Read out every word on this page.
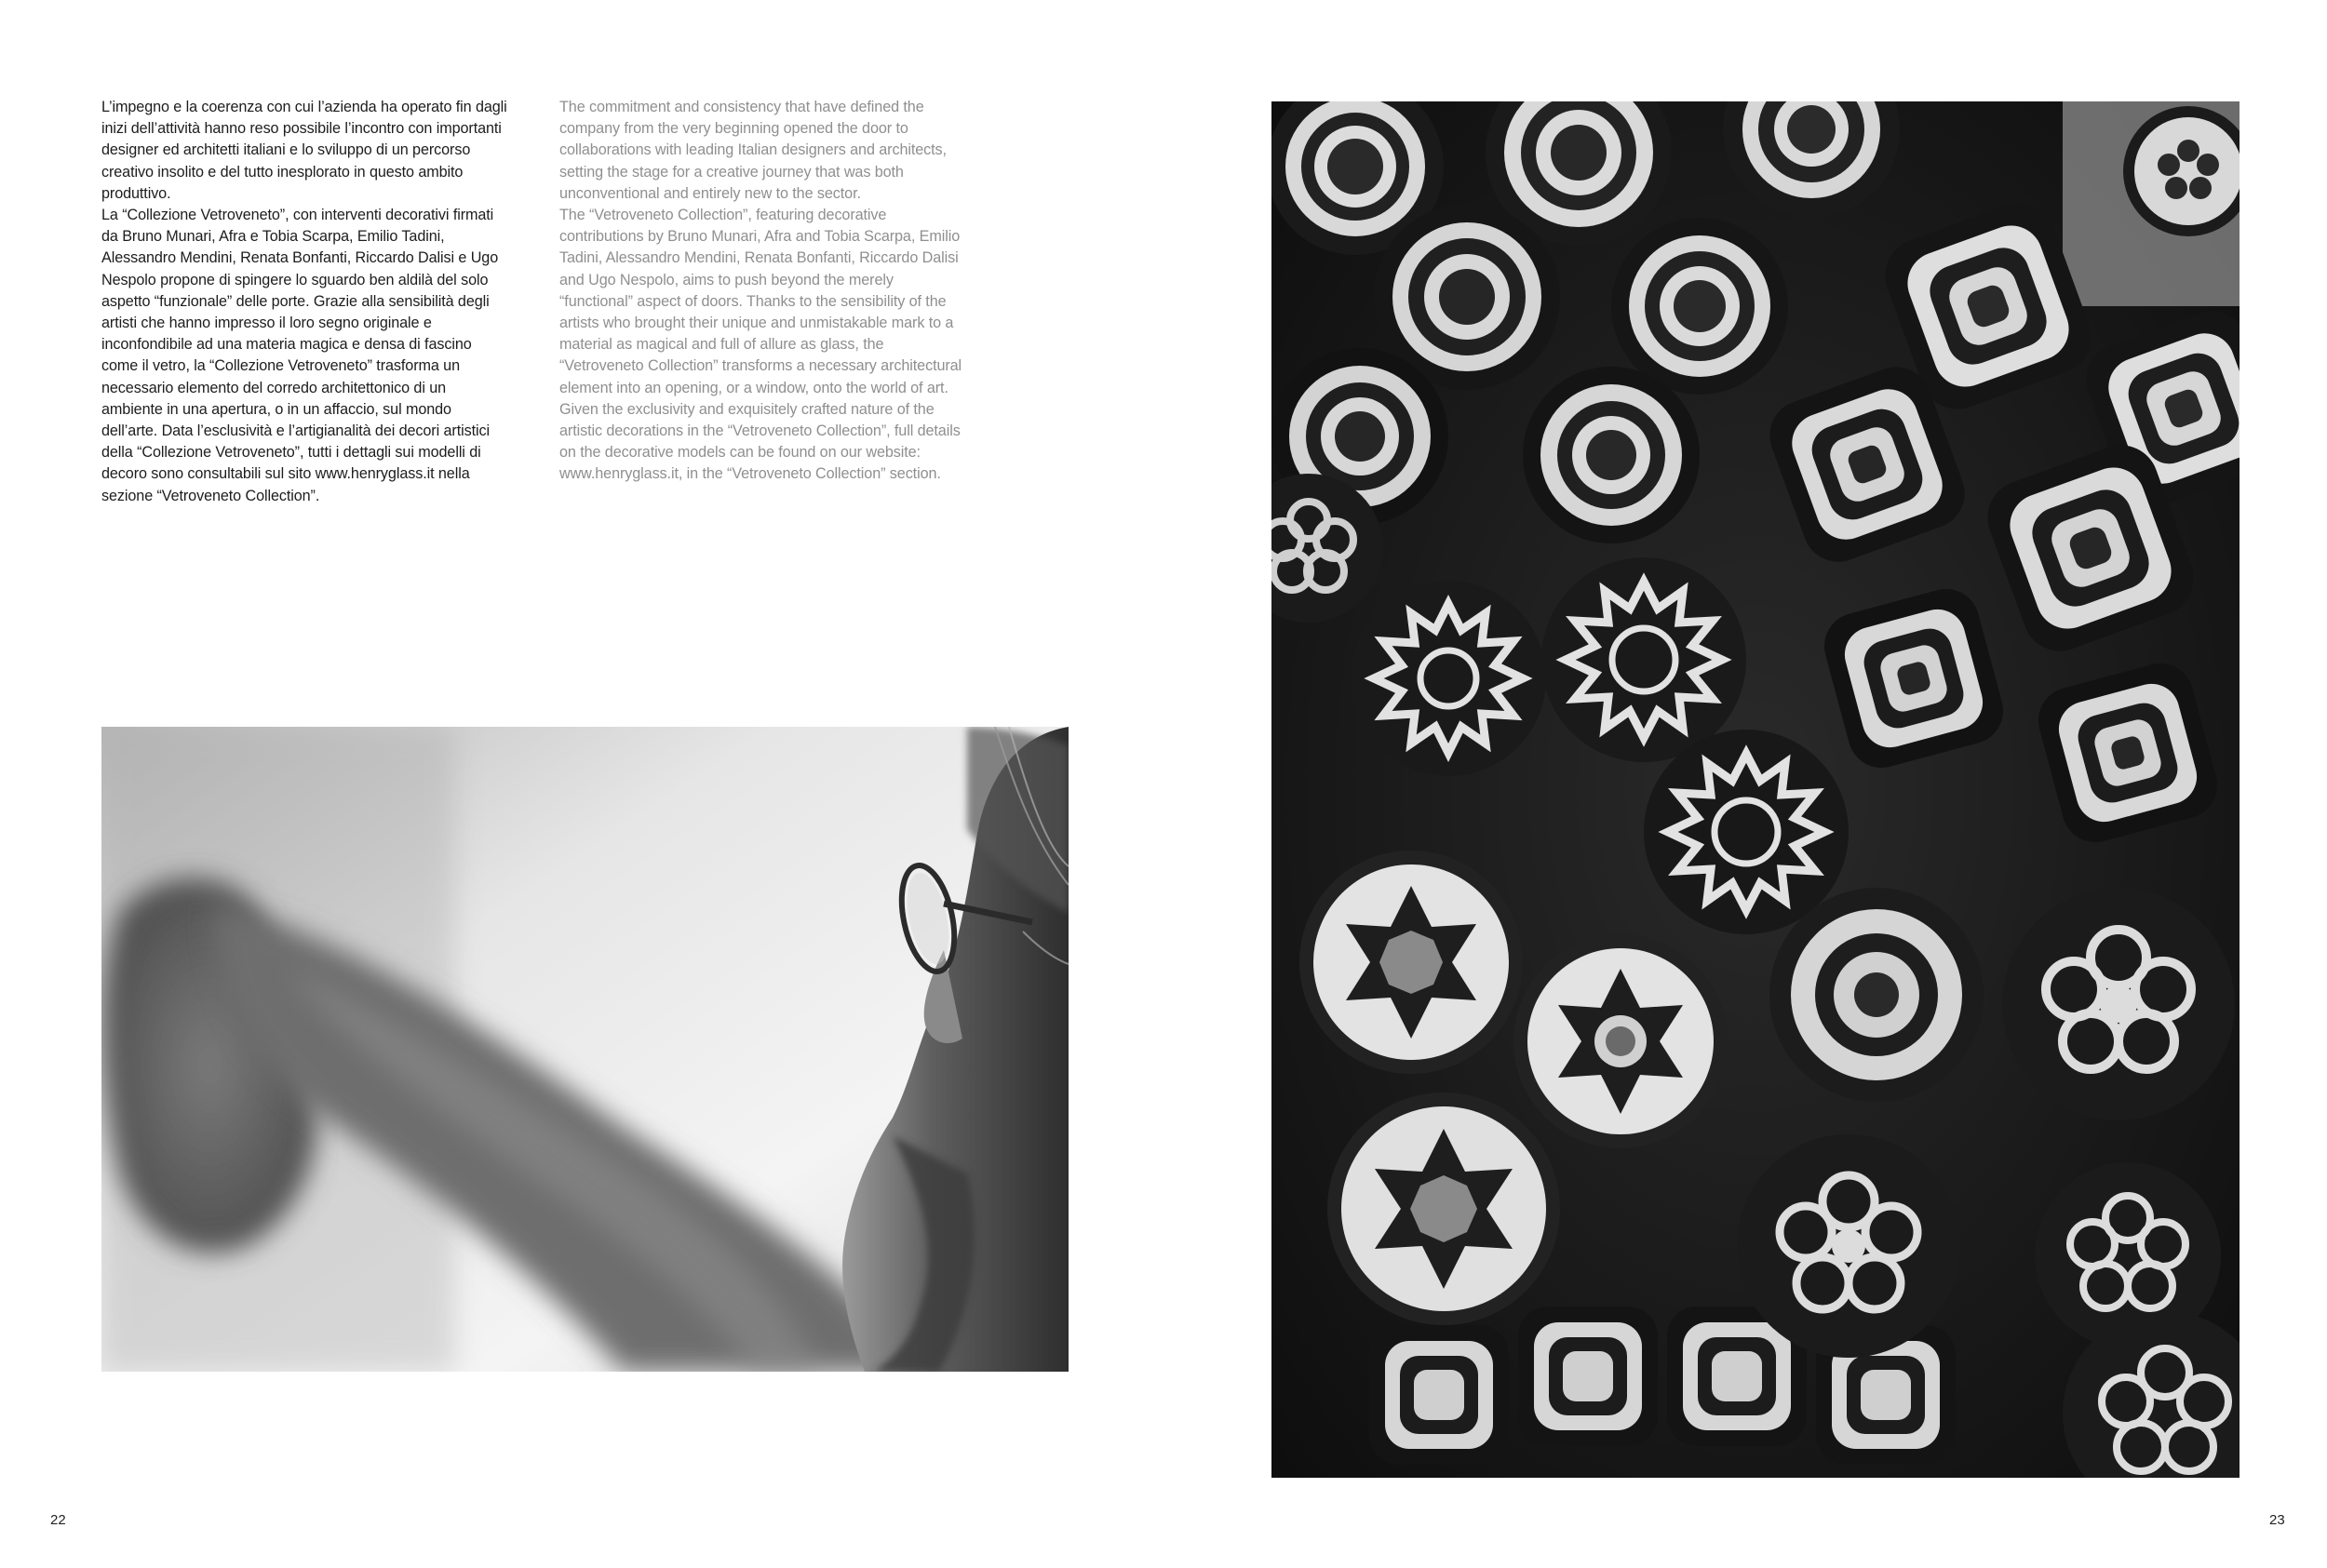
L’impegno e la coerenza con cui l’azienda ha operato fin dagli inizi dell’attività hanno reso possibile l’incontro con importanti designer ed architetti italiani e lo sviluppo di un percorso creativo insolito e del tutto inesplorato in questo ambito produttivo.

La “Collezione Vetroveneto”, con interventi decorativi firmati da Bruno Munari, Afra e Tobia Scarpa, Emilio Tadini, Alessandro Mendini, Renata Bonfanti, Riccardo Dalisi e Ugo Nespolo propone di spingere lo sguardo ben aldilà del solo aspetto “funzionale” delle porte. Grazie alla sensibilità degli artisti che hanno impresso il loro segno originale e inconfondibile ad una materia magica e densa di fascino come il vetro, la “Collezione Vetroveneto” trasforma un necessario elemento del corredo architettonico di un ambiente in una apertura, o in un affaccio, sul mondo dell’arte. Data l’esclusività e l’artigianalità dei decori artistici della “Collezione Vetroveneto”, tutti i dettagli sui modelli di decoro sono consultabili sul sito www.henryglass.it nella sezione “Vetroveneto Collection”.

The commitment and consistency that have defined the company from the very beginning opened the door to collaborations with leading Italian designers and architects, setting the stage for a creative journey that was both unconventional and entirely new to the sector.

The “Vetroveneto Collection”, featuring decorative contributions by Bruno Munari, Afra and Tobia Scarpa, Emilio Tadini, Alessandro Mendini, Renata Bonfanti, Riccardo Dalisi and Ugo Nespolo, aims to push beyond the merely “functional” aspect of doors. Thanks to the sensibility of the artists who brought their unique and unmistakable mark to a material as magical and full of allure as glass, the “Vetroveneto Collection” transforms a necessary architectural element into an opening, or a window, onto the world of art. Given the exclusivity and exquisitely crafted nature of the artistic decorations in the “Vetroveneto Collection”, full details on the decorative models can be found on our website: www.henryglass.it, in the “Vetroveneto Collection” section.

22	23
